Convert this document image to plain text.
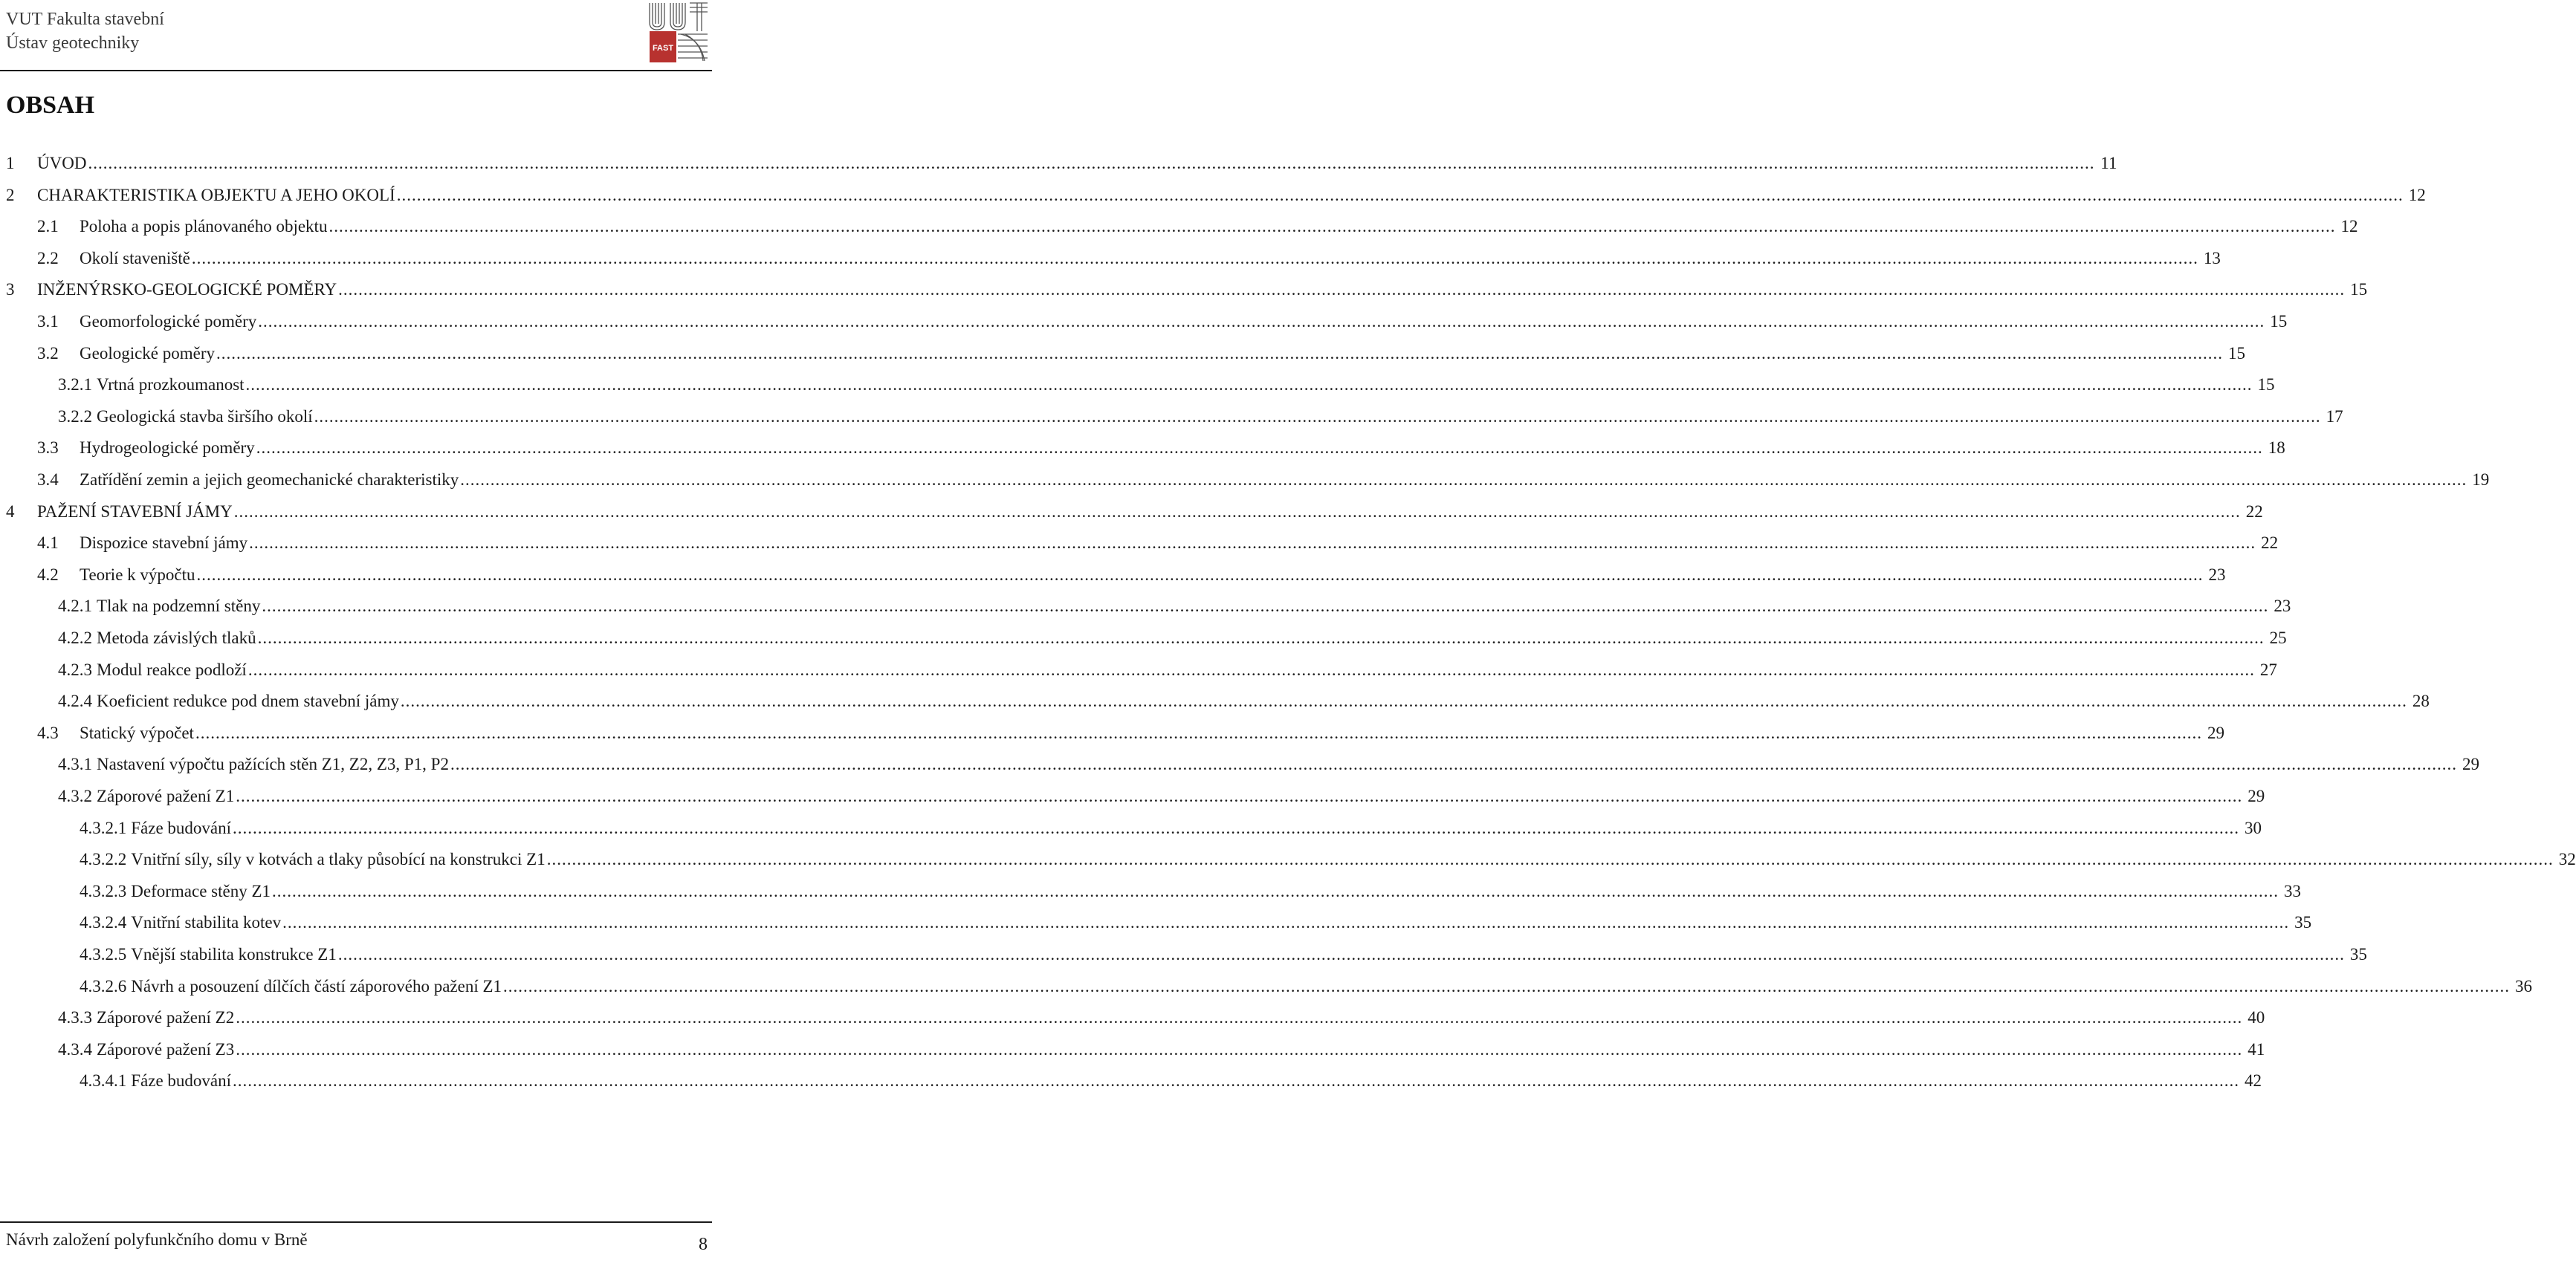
VUT Fakulta stavební
Ústav geotechniky	FAST
OBSAH
1	ÚVOD .....	11
2	CHARAKTERISTIKA OBJEKTU A JEHO OKOLÍ .....	12
2.1	Poloha a popis plánovaného objektu .....	12
2.2	Okolí staveniště .....	13
3	INŽENÝRSKO-GEOLOGICKÉ POMĚRY .....	15
3.1	Geomorfologické poměry .....	15
3.2	Geologické poměry .....	15
3.2.1 Vrtná prozkoumanost .....	15
3.2.2 Geologická stavba širšího okolí .....	17
3.3	Hydrogeologické poměry .....	18
3.4	Zatřídění zemin a jejich geomechanické charakteristiky .....	19
4	PAŽENÍ STAVEBNÍ JÁMY .....	22
4.1	Dispozice stavební jámy .....	22
4.2	Teorie k výpočtu .....	23
4.2.1 Tlak na podzemní stěny .....	23
4.2.2 Metoda závislých tlaků .....	25
4.2.3 Modul reakce podloží .....	27
4.2.4 Koeficient redukce pod dnem stavební jámy .....	28
4.3	Statický výpočet .....	29
4.3.1 Nastavení výpočtu pažících stěn Z1, Z2, Z3, P1, P2 .....	29
4.3.2 Záporové pažení Z1 .....	29
4.3.2.1 Fáze budování .....	30
4.3.2.2 Vnitřní síly, síly v kotvách a tlaky působící na konstrukci Z1 .....	32
4.3.2.3 Deformace stěny Z1 .....	33
4.3.2.4 Vnitřní stabilita kotev .....	35
4.3.2.5 Vnější stabilita konstrukce Z1 .....	35
4.3.2.6 Návrh a posouzení dílčích částí záporového pažení Z1 .....	36
4.3.3 Záporové pažení Z2 .....	40
4.3.4 Záporové pažení Z3 .....	41
4.3.4.1 Fáze budování .....	42
Návrh založení polyfunkčního domu v Brně	8
